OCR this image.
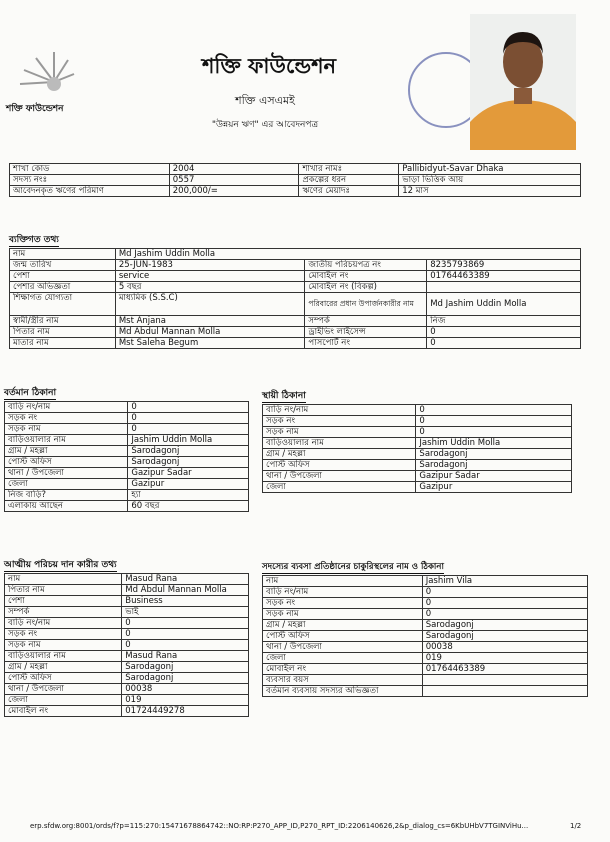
শক্তি ফাউন্ডেশন
শক্তি ফাউন্ডেশন
শক্তি এসএমই
"উন্নয়ন ঋণ" এর আবেদনপত্র
শাখা কোড	2004	শাখার নামঃ	Pallibidyut-Savar Dhaka
সদস্য নংঃ	0557	প্রকল্পের ধরন	ভাড়া ভিত্তিক আয়
আবেদনকৃত ঋণের পরিমাণ	200,000/=	ঋণের মেয়াদঃ	12 মাস
ব্যক্তিগত তথ্য
নাম	Md Jashim Uddin Molla		
জন্ম তারিখ	25-JUN-1983	জাতীয় পরিচয়পত্র নং	8235793869
পেশা	service	মোবাইল নং	01764463389
পেশার অভিজ্ঞতা	5 বছর	মোবাইল নং (বিকল্প)	
শিক্ষাগত যোগ্যতা	মাধ্যমিক (S.S.C)	পরিবারের প্রধান উপার্জনকারীর নাম	Md Jashim Uddin Molla
স্বামী/স্ত্রীর নাম	Mst Anjana	সম্পর্ক	নিজ
পিতার নাম	Md Abdul Mannan Molla	ড্রাইভিং লাইসেন্স	0
মাতার নাম	Mst Saleha Begum	পাসপোর্ট নং	0
বর্তমান ঠিকানা
বাড়ি নং/নাম	0
সড়ক নং	0
সড়ক নাম	0
বাড়িওয়ালার নাম	Jashim Uddin Molla
গ্রাম / মহল্লা	Sarodagonj
পোস্ট অফিস	Sarodagonj
থানা / উপজেলা	Gazipur Sadar
জেলা	Gazipur
নিজ বাড়ি?	হ্যা
এলাকায় আছেন	60 বছর
স্থায়ী ঠিকানা
বাড়ি নং/নাম	0
সড়ক নং	0
সড়ক নাম	0
বাড়িওয়ালার নাম	Jashim Uddin Molla
গ্রাম / মহল্লা	Sarodagonj
পোস্ট অফিস	Sarodagonj
থানা / উপজেলা	Gazipur Sadar
জেলা	Gazipur
আত্মীয় পরিচয় দান কারীর তথ্য
নাম	Masud Rana
পিতার নাম	Md Abdul Mannan Molla
পেশা	Business
সম্পর্ক	ভাই
বাড়ি নং/নাম	0
সড়ক নং	0
সড়ক নাম	0
বাড়িওয়ালার নাম	Masud Rana
গ্রাম / মহল্লা	Sarodagonj
পোস্ট অফিস	Sarodagonj
থানা / উপজেলা	00038
জেলা	019
মোবাইল নং	01724449278
সদস্যের ব্যবসা প্রতিষ্ঠানের চাকুরিস্থলের নাম ও ঠিকানা
নাম	Jashim Vila
বাড়ি নং/নাম	0
সড়ক নং	0
সড়ক নাম	0
গ্রাম / মহল্লা	Sarodagonj
পোস্ট অফিস	Sarodagonj
থানা / উপজেলা	00038
জেলা	019
মোবাইল নং	01764463389
ব্যবসার বয়স	
বর্তমান ব্যবসায় সদস্যর অভিজ্ঞতা	
erp.sfdw.org:8001/ords/f?p=115:270:15471678864742::NO:RP:P270_APP_ID,P270_RPT_ID:2206140626,2&p_dialog_cs=6KbUHbV7TGINViHu...	1/2
